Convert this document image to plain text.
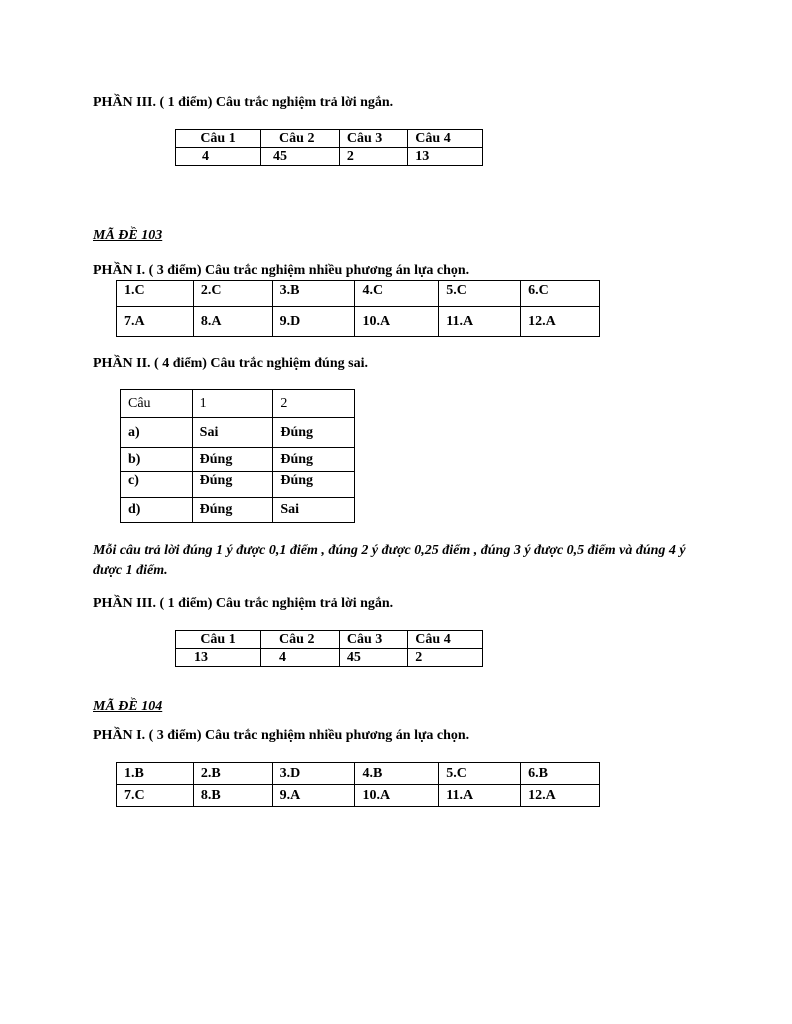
PHẦN III. ( 1 điểm) Câu trắc nghiệm trả lời ngắn.
Câu 1	Câu 2	Câu 3	Câu 4
4	45	2	13
MÃ ĐỀ 103
PHẦN I. ( 3 điểm) Câu trắc nghiệm nhiều phương án lựa chọn.
1.C	2.C	3.B	4.C	5.C	6.C
7.A	8.A	9.D	10.A	11.A	12.A
PHẦN II. ( 4 điểm) Câu trắc nghiệm đúng sai.
Câu	1	2
a)	Sai	Đúng
b)	Đúng	Đúng
c)	Đúng	Đúng
d)	Đúng	Sai
Mỗi câu trả lời đúng 1 ý được 0,1 điểm , đúng 2 ý được 0,25 điểm , đúng 3 ý được 0,5 điểm và đúng 4 ý được 1 điểm.
PHẦN III. ( 1 điểm) Câu trắc nghiệm trả lời ngắn.
Câu 1	Câu 2	Câu 3	Câu 4
13	4	45	2
MÃ ĐỀ 104
PHẦN I. ( 3 điểm) Câu trắc nghiệm nhiều phương án lựa chọn.
1.B	2.B	3.D	4.B	5.C	6.B
7.C	8.B	9.A	10.A	11.A	12.A
